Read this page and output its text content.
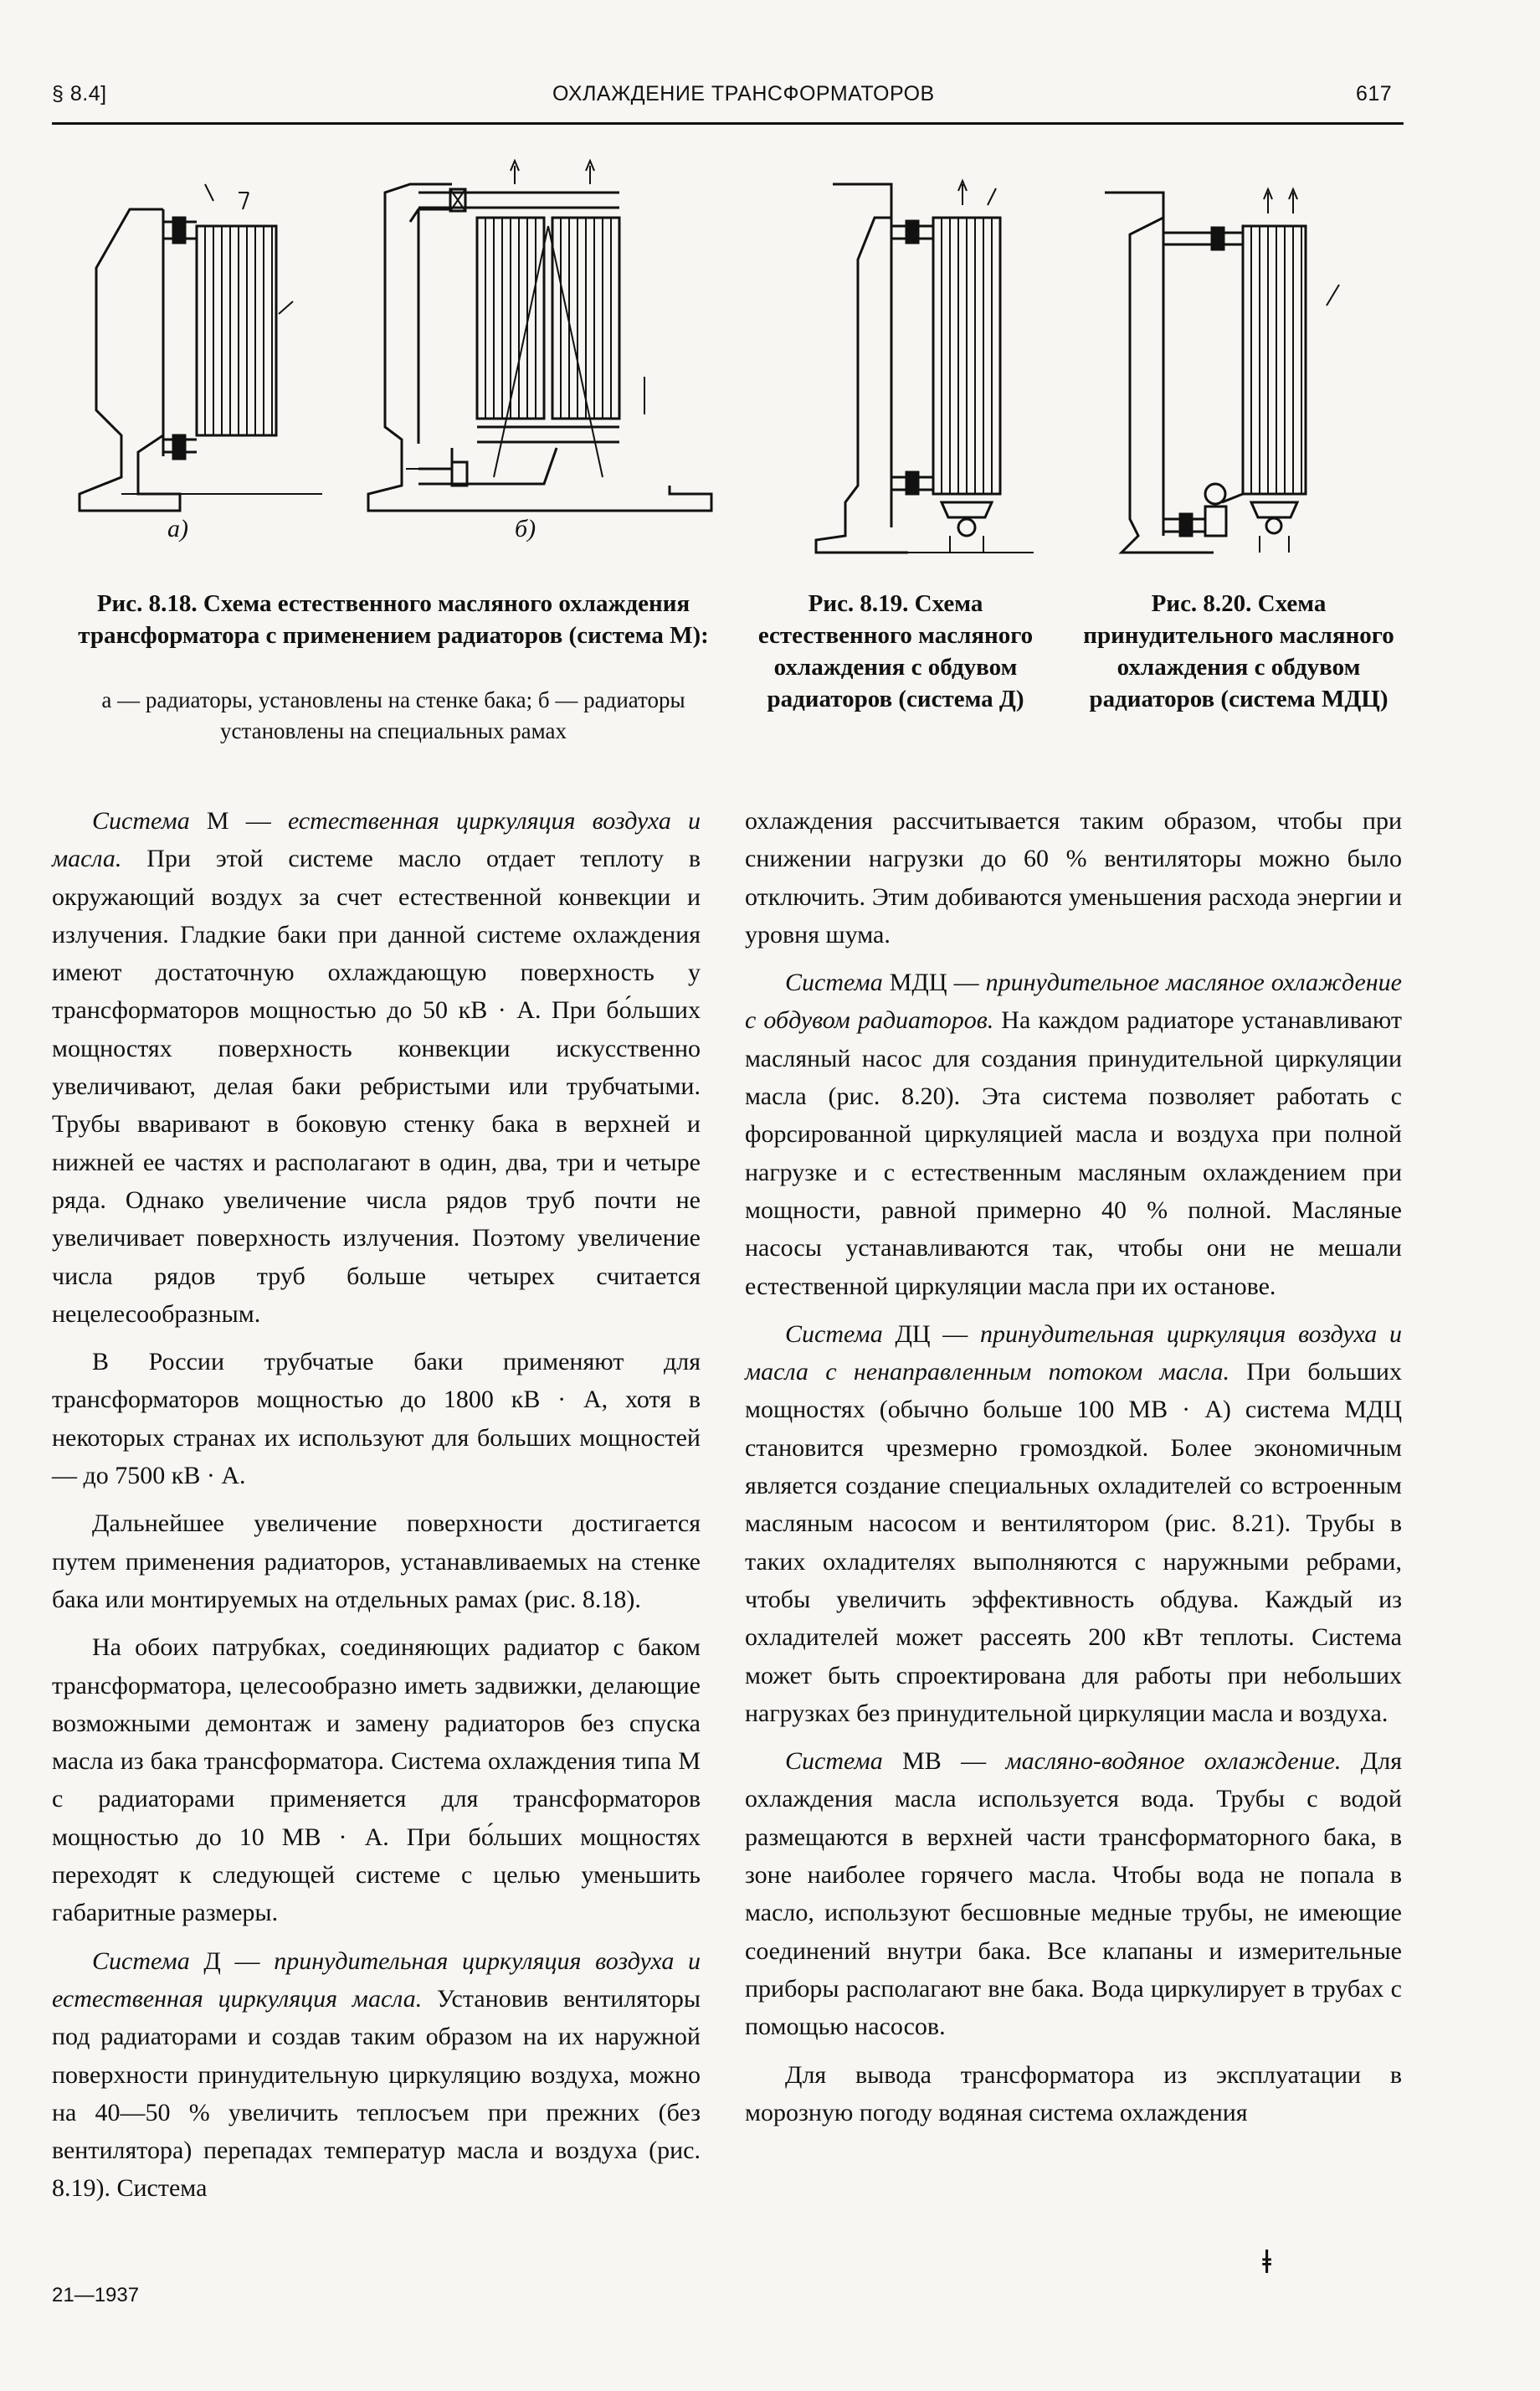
§ 8.4]	ОХЛАЖДЕНИЕ ТРАНСФОРМАТОРОВ	617
а)	б)
Рис. 8.18. Схема естественного масляного охлаждения трансформатора с применением радиаторов (система М):
а — радиаторы, установлены на стенке бака; б — радиаторы установлены на специальных рамах
Рис. 8.19. Схема естественного масляного охлаждения с обдувом радиаторов (система Д)
Рис. 8.20. Схема принудительного масляного охлаждения с обдувом радиаторов (система МДЦ)

Система М — естественная циркуляция воздуха и масла. При этой системе масло отдает теплоту в окружающий воздух за счет естественной конвекции и излучения. Гладкие баки при данной системе охлаждения имеют достаточную охлаждающую поверхность у трансформаторов мощностью до 50 кВ · А. При бо́льших мощностях поверхность конвекции искусственно увеличивают, делая баки ребристыми или трубчатыми. Трубы вваривают в боковую стенку бака в верхней и нижней ее частях и располагают в один, два, три и четыре ряда. Однако увеличение числа рядов труб почти не увеличивает поверхность излучения. Поэтому увеличение числа рядов труб больше четырех считается нецелесообразным.

В России трубчатые баки применяют для трансформаторов мощностью до 1800 кВ · А, хотя в некоторых странах их используют для больших мощностей — до 7500 кВ · А.

Дальнейшее увеличение поверхности достигается путем применения радиаторов, устанавливаемых на стенке бака или монтируемых на отдельных рамах (рис. 8.18).

На обоих патрубках, соединяющих радиатор с баком трансформатора, целесообразно иметь задвижки, делающие возможными демонтаж и замену радиаторов без спуска масла из бака трансформатора. Система охлаждения типа М с радиаторами применяется для трансформаторов мощностью до 10 МВ · А. При бо́льших мощностях переходят к следующей системе с целью уменьшить габаритные размеры.

Система Д — принудительная циркуляция воздуха и естественная циркуляция масла. Установив вентиляторы под радиаторами и создав таким образом на их наружной поверхности принудительную циркуляцию воздуха, можно на 40—50 % увеличить теплосъем при прежних (без вентилятора) перепадах температур масла и воздуха (рис. 8.19). Система

охлаждения рассчитывается таким образом, чтобы при снижении нагрузки до 60 % вентиляторы можно было отключить. Этим добиваются уменьшения расхода энергии и уровня шума.

Система МДЦ — принудительное масляное охлаждение с обдувом радиаторов. На каждом радиаторе устанавливают масляный насос для создания принудительной циркуляции масла (рис. 8.20). Эта система позволяет работать с форсированной циркуляцией масла и воздуха при полной нагрузке и с естественным масляным охлаждением при мощности, равной примерно 40 % полной. Масляные насосы устанавливаются так, чтобы они не мешали естественной циркуляции масла при их останове.

Система ДЦ — принудительная циркуляция воздуха и масла с ненаправленным потоком масла. При больших мощностях (обычно больше 100 МВ · А) система МДЦ становится чрезмерно громоздкой. Более экономичным является создание специальных охладителей со встроенным масляным насосом и вентилятором (рис. 8.21). Трубы в таких охладителях выполняются с наружными ребрами, чтобы увеличить эффективность обдува. Каждый из охладителей может рассеять 200 кВт теплоты. Система может быть спроектирована для работы при небольших нагрузках без принудительной циркуляции масла и воздуха.

Система МВ — масляно-водяное охлаждение. Для охлаждения масла используется вода. Трубы с водой размещаются в верхней части трансформаторного бака, в зоне наиболее горячего масла. Чтобы вода не попала в масло, используют бесшовные медные трубы, не имеющие соединений внутри бака. Все клапаны и измерительные приборы располагают вне бака. Вода циркулирует в трубах с помощью насосов.

Для вывода трансформатора из эксплуатации в морозную погоду водяная система охлаждения

21—1937
ǂ
